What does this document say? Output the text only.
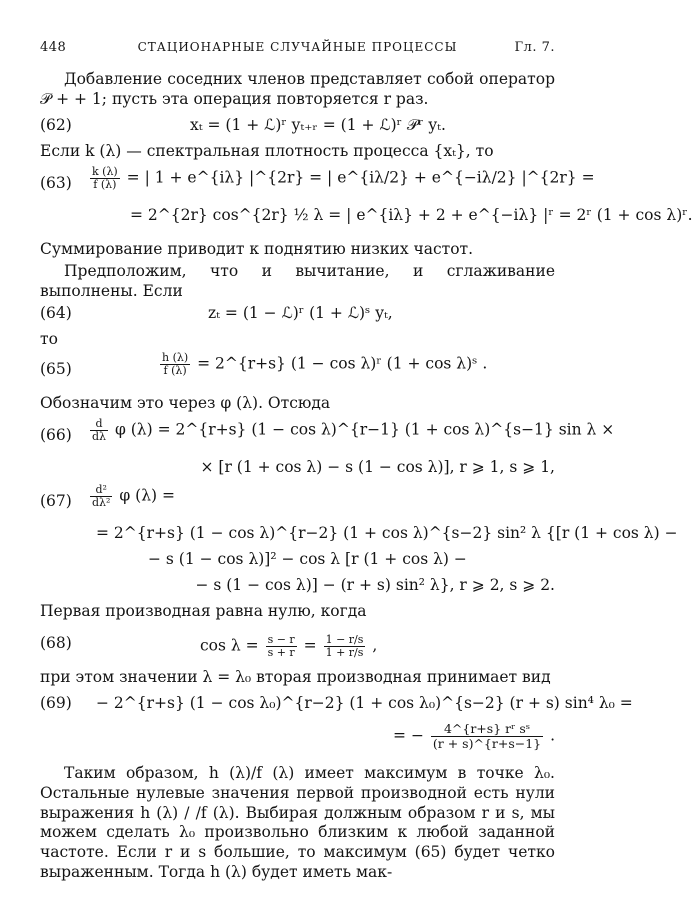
448	СТАЦИОНАРНЫЕ СЛУЧАЙНЫЕ ПРОЦЕССЫ	Гл. 7.
Добавление соседних членов представляет собой оператор 𝒫 + + 1; пусть эта операция повторяется r раз.
(62)	xₜ = (1 + ℒ)ʳ yₜ₊ᵣ = (1 + ℒ)ʳ 𝒫ʳ yₜ.
Если k (λ) — спектральная плотность процесса {xₜ}, то
$(63) \frac{k (\lambda)}{f (\lambda)}$ = | 1 + e^{iλ} |^{2r} = | e^{iλ/2} + e^{−iλ/2} |^{2r} =
= 2^{2r} cos^{2r} ½ λ = | e^{iλ} + 2 + e^{−iλ} |ʳ = 2ʳ (1 + cos λ)ʳ.
Суммирование приводит к поднятию низких частот.
Предположим, что и вычитание, и сглаживание выполнены. Если
(64)	zₜ = (1 − ℒ)ʳ (1 + ℒ)ˢ yₜ,
то
(65)	$\frac{h (\lambda)}{f (\lambda)}$ = 2^{r+s} (1 − cos λ)ʳ (1 + cos λ)ˢ .
Обозначим это через φ (λ). Отсюда
$(66) \frac{d}{d\lambda}$ φ (λ) = 2^{r+s} (1 − cos λ)^{r−1} (1 + cos λ)^{s−1} sin λ ×
× [r (1 + cos λ) − s (1 − cos λ)], r ⩾ 1, s ⩾ 1,
$(67) \frac{\text{d²}}{\text{dλ²}}$ φ (λ) =
= 2^{r+s} (1 − cos λ)^{r−2} (1 + cos λ)^{s−2} sin² λ {[r (1 + cos λ) −
− s (1 − cos λ)]² − cos λ [r (1 + cos λ) −
− s (1 − cos λ)] − (r + s) sin² λ}, r ⩾ 2, s ⩾ 2.
Первая производная равна нулю, когда
(68)	$\cos \lambda = \frac{s - r}{s + r} = \frac{1 - r/s}{1 + r/s}$ ,
при этом значении λ = λ₀ вторая производная принимает вид
(69) − 2^{r+s} (1 − cos λ₀)^{r−2} (1 + cos λ₀)^{s−2} (r + s) sin⁴ λ₀ =
= − $\frac{\text{4\textasciicircum{}\{r+s\} rʳ sˢ}}{(r + s)\^{}\{r+s-1\}}$ .
Таким образом, h (λ)/f (λ) имеет максимум в точке λ₀. Остальные нулевые значения первой производной есть нули выражения h (λ) / /f (λ). Выбирая должным образом r и s, мы можем сделать λ₀ произвольно близким к любой заданной частоте. Если r и s большие, то максимум (65) будет четко выраженным. Тогда h (λ) будет иметь мак-
